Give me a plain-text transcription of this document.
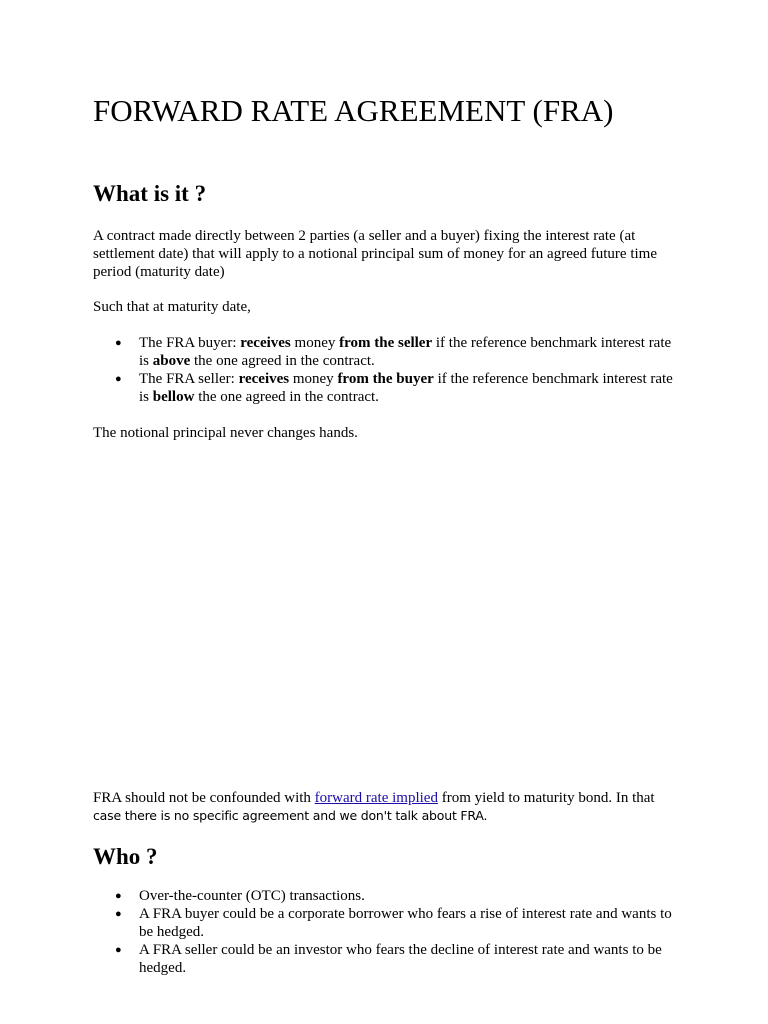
FORWARD RATE AGREEMENT (FRA)
What is it ?

A contract made directly between 2 parties (a seller and a buyer) fixing the interest rate (at settlement date) that will apply to a notional principal sum of money for an agreed future time period (maturity date)

Such that at maturity date,

● The FRA buyer: receives money from the seller if the reference benchmark interest rate is above the one agreed in the contract.
● The FRA seller: receives money from the buyer if the reference benchmark interest rate is bellow the one agreed in the contract.

The notional principal never changes hands.

FRA should not be confounded with forward rate implied from yield to maturity bond. In that
case there is no specific agreement and we don't talk about FRA.

Who ?
● Over-the-counter (OTC) transactions.
● A FRA buyer could be a corporate borrower who fears a rise of interest rate and wants to be hedged.
● A FRA seller could be an investor who fears the decline of interest rate and wants to be hedged.
